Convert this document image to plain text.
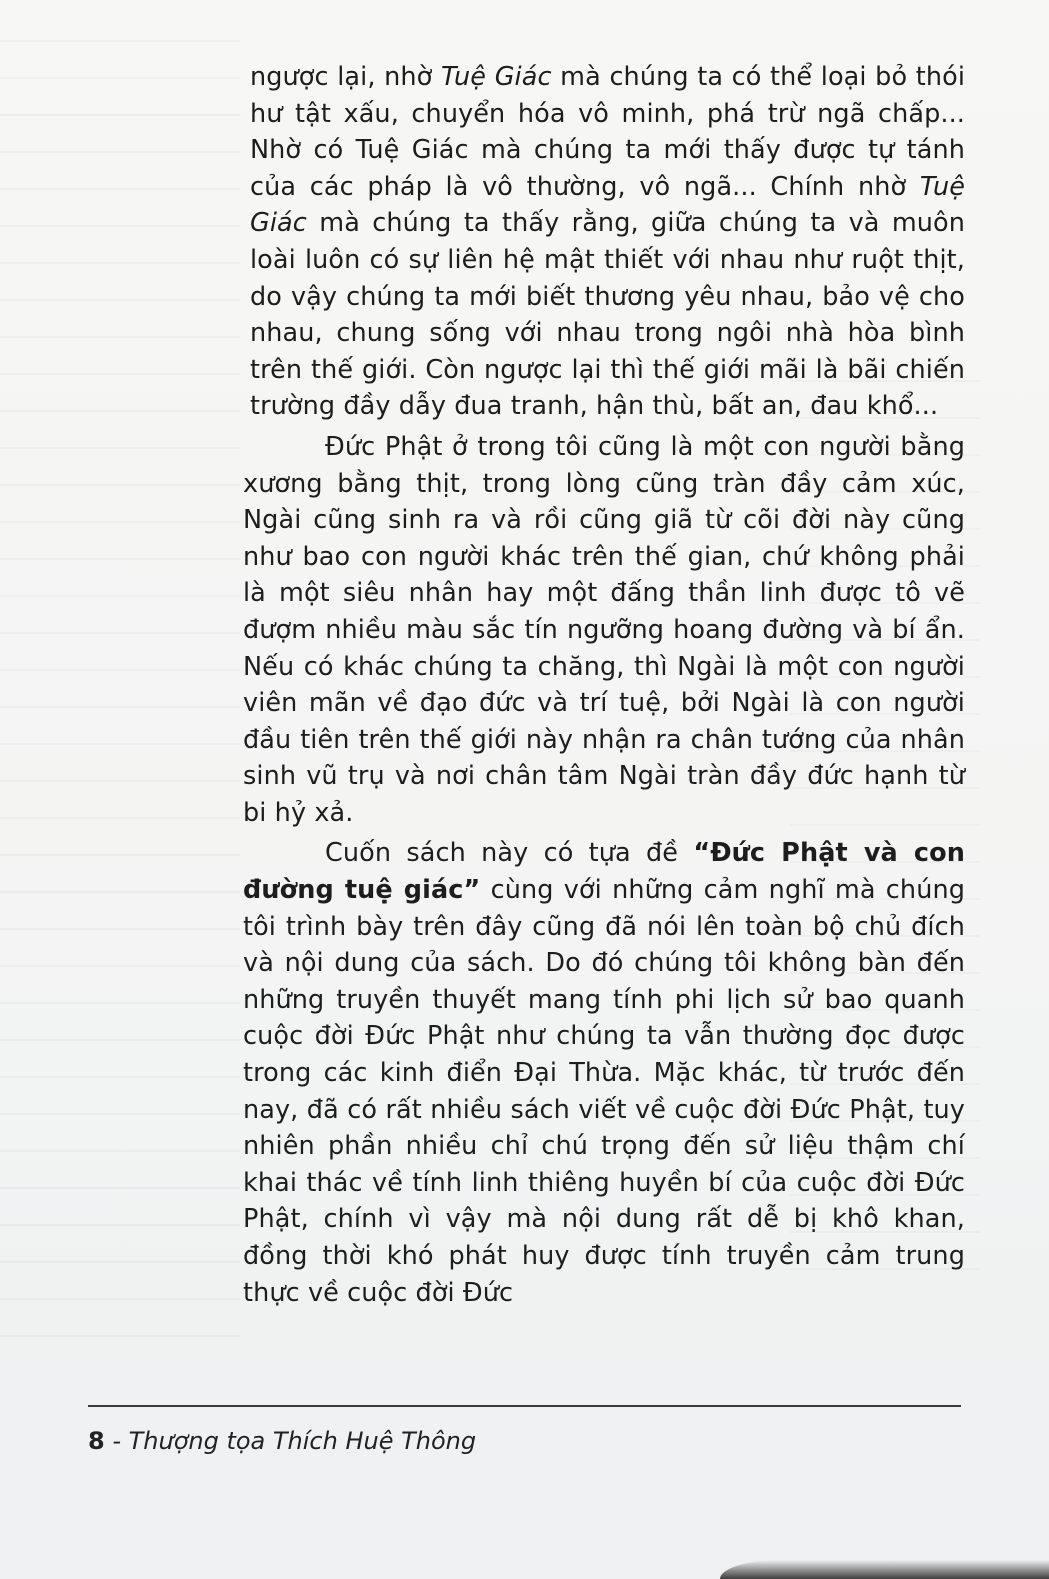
ngược lại, nhờ Tuệ Giác mà chúng ta có thể loại bỏ thói hư tật xấu, chuyển hóa vô minh, phá trừ ngã chấp... Nhờ có Tuệ Giác mà chúng ta mới thấy được tự tánh của các pháp là vô thường, vô ngã... Chính nhờ Tuệ Giác mà chúng ta thấy rằng, giữa chúng ta và muôn loài luôn có sự liên hệ mật thiết với nhau như ruột thịt, do vậy chúng ta mới biết thương yêu nhau, bảo vệ cho nhau, chung sống với nhau trong ngôi nhà hòa bình trên thế giới. Còn ngược lại thì thế giới mãi là bãi chiến trường đầy dẫy đua tranh, hận thù, bất an, đau khổ...

Đức Phật ở trong tôi cũng là một con người bằng xương bằng thịt, trong lòng cũng tràn đầy cảm xúc, Ngài cũng sinh ra và rồi cũng giã từ cõi đời này cũng như bao con người khác trên thế gian, chứ không phải là một siêu nhân hay một đấng thần linh được tô vẽ đượm nhiều màu sắc tín ngưỡng hoang đường và bí ẩn. Nếu có khác chúng ta chăng, thì Ngài là một con người viên mãn về đạo đức và trí tuệ, bởi Ngài là con người đầu tiên trên thế giới này nhận ra chân tướng của nhân sinh vũ trụ và nơi chân tâm Ngài tràn đầy đức hạnh từ bi hỷ xả.

Cuốn sách này có tựa đề “Đức Phật và con đường tuệ giác” cùng với những cảm nghĩ mà chúng tôi trình bày trên đây cũng đã nói lên toàn bộ chủ đích và nội dung của sách. Do đó chúng tôi không bàn đến những truyền thuyết mang tính phi lịch sử bao quanh cuộc đời Đức Phật như chúng ta vẫn thường đọc được trong các kinh điển Đại Thừa. Mặc khác, từ trước đến nay, đã có rất nhiều sách viết về cuộc đời Đức Phật, tuy nhiên phần nhiều chỉ chú trọng đến sử liệu thậm chí khai thác về tính linh thiêng huyền bí của cuộc đời Đức Phật, chính vì vậy mà nội dung rất dễ bị khô khan, đồng thời khó phát huy được tính truyền cảm trung thực về cuộc đời Đức

8 - Thượng tọa Thích Huệ Thông
